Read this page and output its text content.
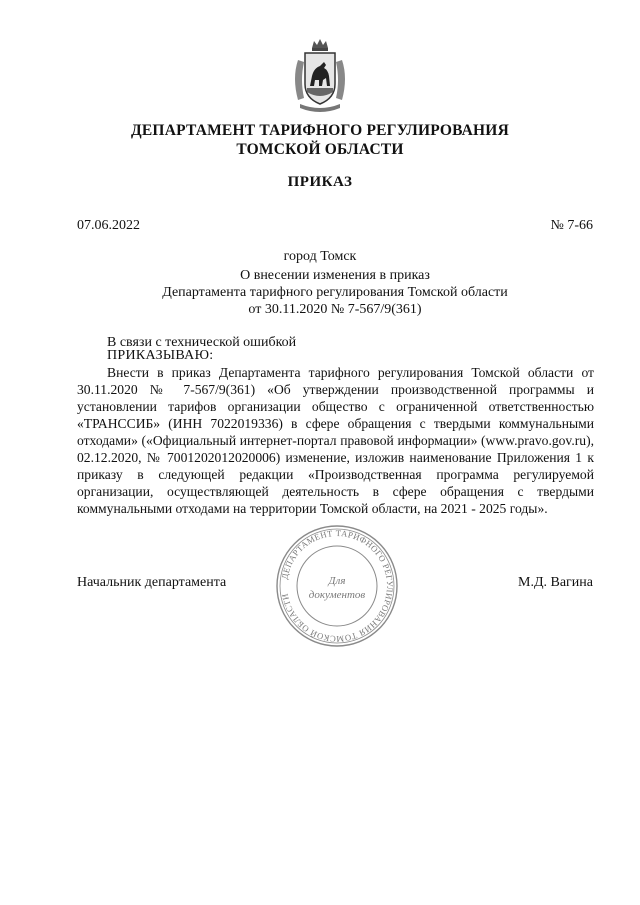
ДЕПАРТАМЕНТ ТАРИФНОГО РЕГУЛИРОВАНИЯ
ТОМСКОЙ ОБЛАСТИ
ПРИКАЗ
07.06.2022	№ 7-66
город Томск
О внесении изменения в приказ
Департамента тарифного регулирования Томской области
от 30.11.2020 № 7-567/9(361)
В связи с технической ошибкой
ПРИКАЗЫВАЮ:

Внести в приказ Департамента тарифного регулирования Томской области от 30.11.2020 № 7-567/9(361) «Об утверждении производственной программы и установлении тарифов организации общество с ограниченной ответственностью «ТРАНССИБ» (ИНН 7022019336) в сфере обращения с твердыми коммунальными отходами» («Официальный интернет-портал правовой информации» (www.pravo.gov.ru), 02.12.2020, № 7001202012020006) изменение, изложив наименование Приложения 1 к приказу в следующей редакции «Производственная программа регулируемой организации, осуществляющей деятельность в сфере обращения с твердыми коммунальными отходами на территории Томской области, на 2021 - 2025 годы».

Начальник департамента	М.Д. Вагина
ДЕПАРТАМЕНТ ТАРИФНОГО РЕГУЛИРОВАНИЯ ТОМСКОЙ ОБЛАСТИ
Для
документов
